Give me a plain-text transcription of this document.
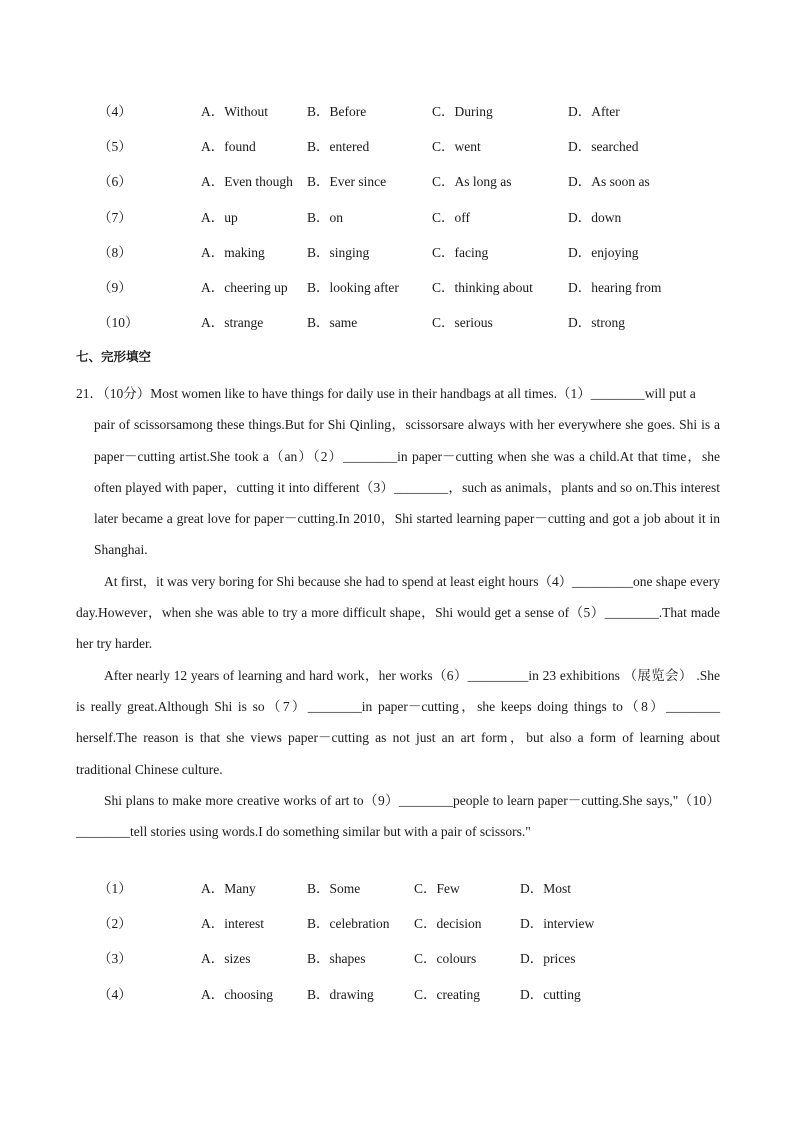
（4）	A．Without	B．Before	C．During	D．After
（5）	A．found	B．entered	C．went	D．searched
（6）	A．Even though B．Ever since	C．As long as	D．As soon as
（7）	A．up	B．on	C．off	D．down
（8）	A．making	B．singing	C．facing	D．enjoying
（9）	A．cheering up B．looking after C．thinking about	D．hearing from
（10）	A．strange	B．same	C．serious	D．strong
七、完形填空

21．（10分）Most women like to have things for daily use in their handbags at all times.（1）________will put a

pair of scissorsamong these things.But for Shi Qinling，scissorsare always with her everywhere she goes. Shi is a paper－cutting artist.She took a（an）（2）________in paper－cutting when she was a child.At that time，she often played with paper，cutting it into different（3）________，such as animals，plants and so on.This interest later became a great love for paper－cutting.In 2010，Shi started learning paper－cutting and got a job about it in Shanghai.

At first，it was very boring for Shi because she had to spend at least eight hours（4）_________one shape every day.However，when she was able to try a more difficult shape，Shi would get a sense of（5）________.That made her try harder.

After nearly 12 years of learning and hard work，her works（6）_________in 23 exhibitions （展览会） .She is really great.Although Shi is so（7）________in paper－cutting，she keeps doing things to（8）________ herself.The reason is that she views paper－cutting as not just an art form，but also a form of learning about traditional Chinese culture.

Shi plans to make more creative works of art to（9）________people to learn paper－cutting.She says,"（10）________tell stories using words.I do something similar but with a pair of scissors."

（1）	A．Many	B．Some	C．Few	D．Most
（2）	A．interest	B．celebration C．decision	D．interview
（3）	A．sizes	B．shapes	C．colours	D．prices
（4）	A．choosing	B．drawing	C．creating	D．cutting
